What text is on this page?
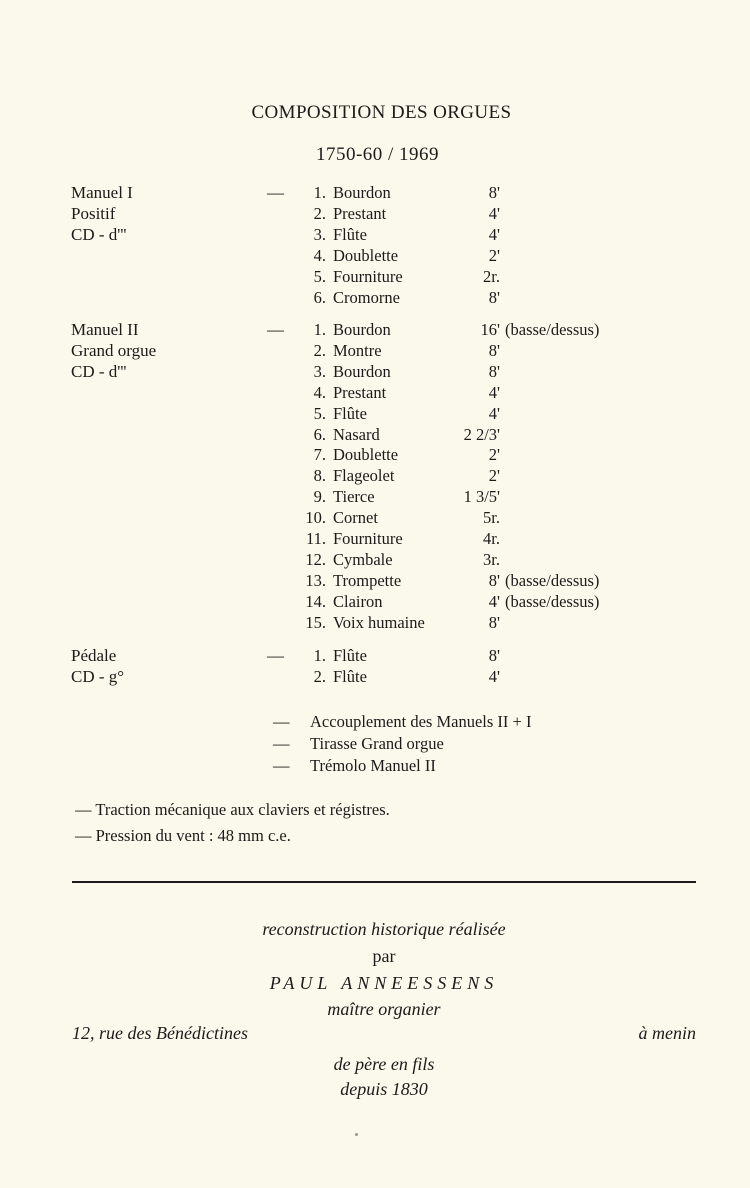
COMPOSITION DES ORGUES
1750-60 / 1969
Manuel I
Positif
CD - d'''
— 1. Bourdon	8'
2. Prestant	4'
3. Flûte	4'
4. Doublette	2'
5. Fourniture	2r.
6. Cromorne	8'
Manuel II
Grand orgue
CD - d'''
— 1. Bourdon	16' (basse/dessus)
2. Montre	8'
3. Bourdon	8'
4. Prestant	4'
5. Flûte	4'
6. Nasard	2 2/3'
7. Doublette	2'
8. Flageolet	2'
9. Tierce	1 3/5'
10. Cornet	5r.
11. Fourniture	4r.
12. Cymbale	3r.
13. Trompette	8' (basse/dessus)
14. Clairon	4' (basse/dessus)
15. Voix humaine	8'
Pédale
CD - g°
— 1. Flûte	8'
2. Flûte	4'
— Accouplement des Manuels II + I
— Tirasse Grand orgue
— Trémolo Manuel II
— Traction mécanique aux claviers et régistres.
— Pression du vent : 48 mm c.e.
reconstruction historique réalisée
par
PAUL ANNEESSENS
maître organier
12, rue des Bénédictines	à menin
de père en fils
depuis 1830
